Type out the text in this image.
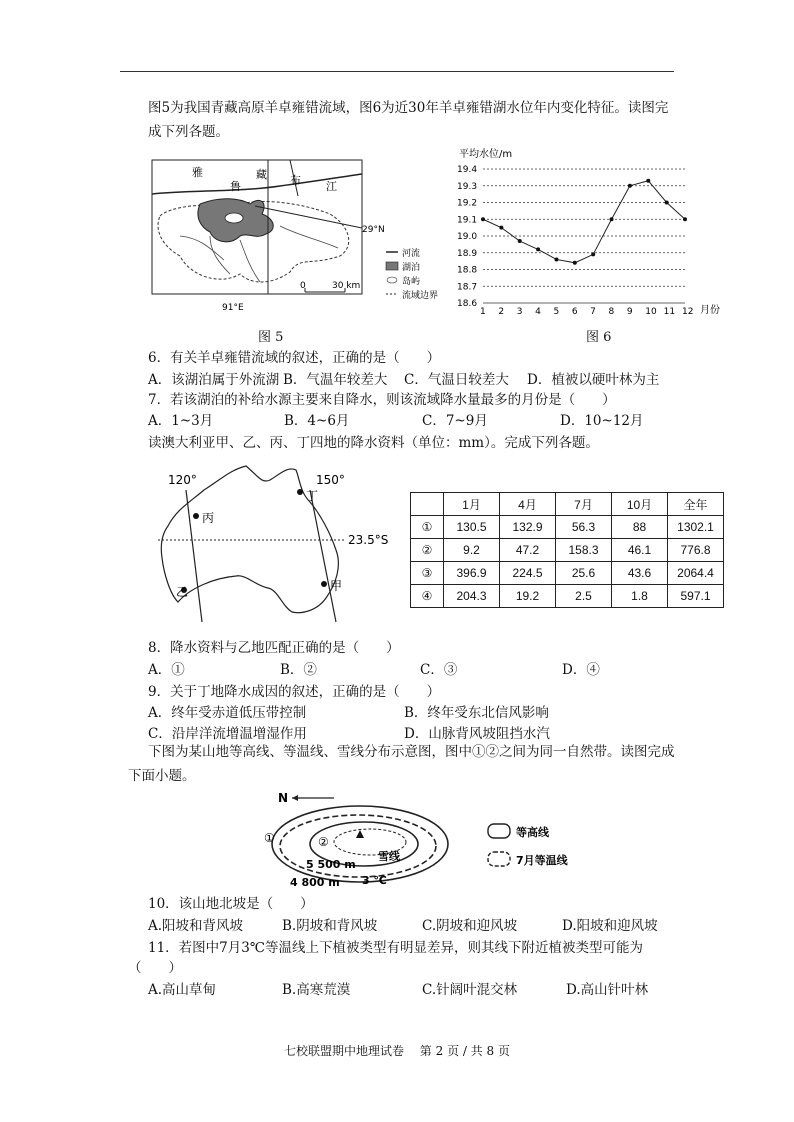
图5为我国青藏高原羊卓雍错流域，图6为近30年羊卓雍错湖水位年内变化特征。读图完成下列各题。
0	30 km
雅
鲁
藏 布 江
29°N
91°E
河流
湖泊
岛屿
流域边界
图 5
平均水位/m
月份
18.6
18.7
18.8
18.9
19.0
19.1
19.2
19.3
19.4
1 2 3 4 5 6 7 8 9 10 11 12
图 6
6．有关羊卓雍错流域的叙述，正确的是（　　）
A．该湖泊属于外流湖 B．气温年较差大 C．气温日较差大 D．植被以硬叶林为主
7．若该湖泊的补给水源主要来自降水，则该流域降水量最多的月份是（　　）
A．1~3月	B．4~6月	C．7~9月	D．10~12月
读澳大利亚甲、乙、丙、丁四地的降水资料（单位：mm）。完成下列各题。
120°	150°
23.5°S
丙
丁
乙	甲
	1月	4月	7月	10月	全年
①	130.5	132.9	56.3	88	1302.1
②	9.2	47.2	158.3	46.1	776.8
③	396.9	224.5	25.6	43.6	2064.4
④	204.3	19.2	2.5	1.8	597.1
8．降水资料与乙地匹配正确的是（　　）
A．①	B．②	C．③	D．④
9．关于丁地降水成因的叙述，正确的是（　　）
A．终年受赤道低压带控制	B．终年受东北信风影响
C．沿岸洋流增温增湿作用	D．山脉背风坡阻挡水汽
下图为某山地等高线、等温线、雪线分布示意图，图中①②之间为同一自然带。读图完成下面小题。
N
①	②
雪线
5 500 m
4 800 m 3 ℃
等高线
7月等温线
10．该山地北坡是（　　）
A.阳坡和背风坡	B.阴坡和背风坡	C.阴坡和迎风坡	D.阳坡和迎风坡
11．若图中7月3℃等温线上下植被类型有明显差异，则其线下附近植被类型可能为
（　　）
A.高山草甸	B.高寒荒漠	C.针阔叶混交林	D.高山针叶林
七校联盟期中地理试卷　 第 2 页 / 共 8 页
